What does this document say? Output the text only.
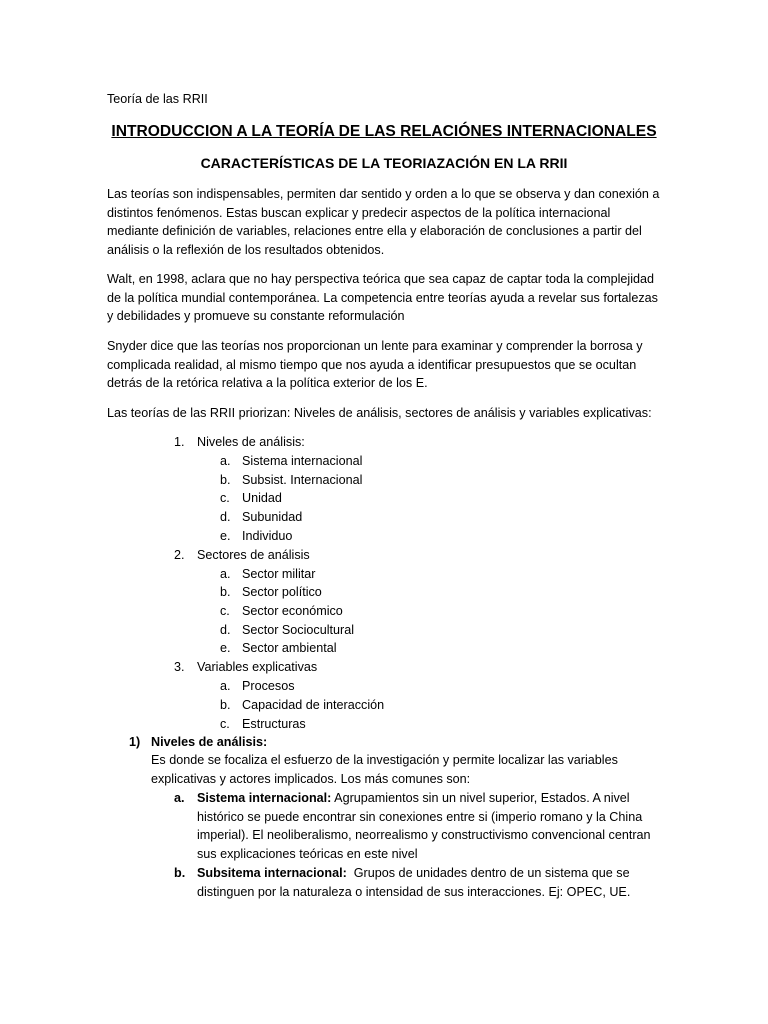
Teoría de las RRII
INTRODUCCION A LA TEORÍA DE LAS RELACIÓNES INTERNACIONALES
CARACTERÍSTICAS DE LA TEORIAZACIÓN EN LA RRII
Las teorías son indispensables, permiten dar sentido y orden a lo que se observa y dan conexión a
distintos fenómenos. Estas buscan explicar y predecir aspectos de la política internacional
mediante definición de variables, relaciones entre ella y elaboración de conclusiones a partir del
análisis o la reflexión de los resultados obtenidos.
Walt, en 1998, aclara que no hay perspectiva teórica que sea capaz de captar toda la complejidad
de la política mundial contemporánea. La competencia entre teorías ayuda a revelar sus fortalezas
y debilidades y promueve su constante reformulación
Snyder dice que las teorías nos proporcionan un lente para examinar y comprender la borrosa y
complicada realidad, al mismo tiempo que nos ayuda a identificar presupuestos que se ocultan
detrás de la retórica relativa a la política exterior de los E.
Las teorías de las RRII priorizan: Niveles de análisis, sectores de análisis y variables explicativas:
1. Niveles de análisis:
a. Sistema internacional
b. Subsist. Internacional
c. Unidad
d. Subunidad
e. Individuo
2. Sectores de análisis
a. Sector militar
b. Sector político
c. Sector económico
d. Sector Sociocultural
e. Sector ambiental
3. Variables explicativas
a. Procesos
b. Capacidad de interacción
c. Estructuras
1) Niveles de análisis:
Es donde se focaliza el esfuerzo de la investigación y permite localizar las variables
explicativas y actores implicados. Los más comunes son:
a. Sistema internacional: Agrupamientos sin un nivel superior, Estados. A nivel
histórico se puede encontrar sin conexiones entre si (imperio romano y la China
imperial). El neoliberalismo, neorrealismo y constructivismo convencional centran
sus explicaciones teóricas en este nivel
b. Subsitema internacional:  Grupos de unidades dentro de un sistema que se
distinguen por la naturaleza o intensidad de sus interacciones. Ej: OPEC, UE.
